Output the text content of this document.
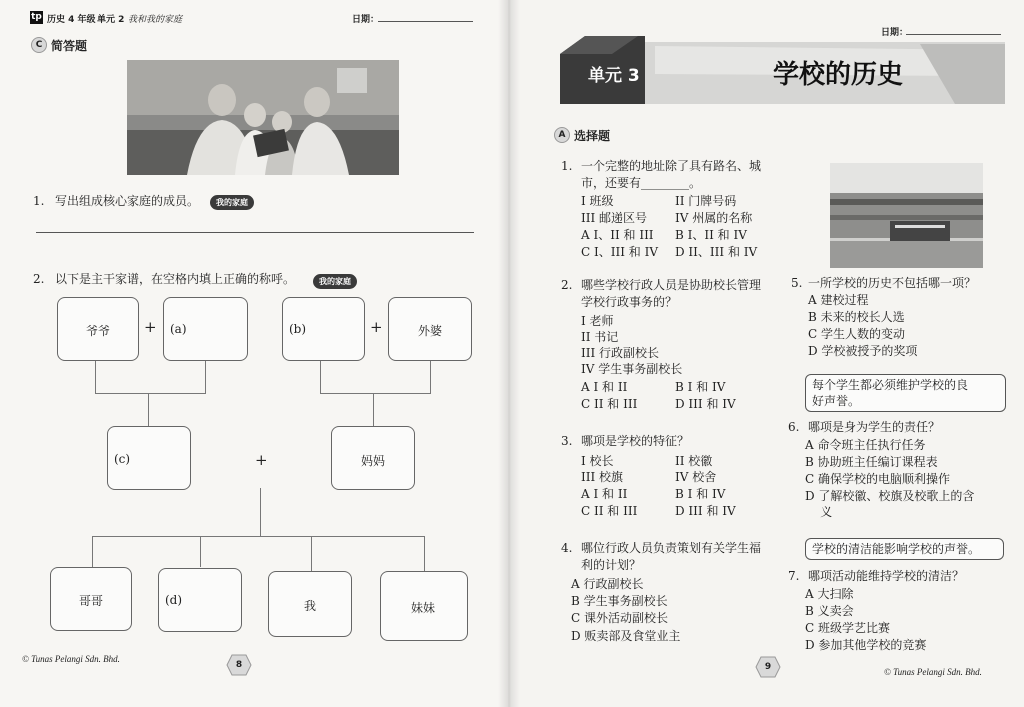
tp 历史 4 年级 单元 2 我和我的家庭	日期：
C 简答题
1. 写出组成核心家庭的成员。	我的家庭
2. 以下是主干家谱，在空格内填上正确的称呼。	我的家庭
爷爷 + (a)	(b)	+	外婆
(c)	+	妈妈
哥哥	(d)	我	妹妹
© Tunas Pelangi Sdn. Bhd.
8
日期：
单元 3	学校的历史
A 选择题
1. 一个完整的地址除了具有路名、城
市，还要有________。
I 班级	II 门牌号码
III 邮递区号 IV 州属的名称
A I、II 和 III B I、II 和 IV
C I、III 和 IV D II、III 和 IV
2. 哪些学校行政人员是协助校长管理
学校行政事务的？
I 老师
II 书记
III 行政副校长
IV 学生事务副校长
A I 和 II	B I 和 IV
C II 和 III	D III 和 IV
3. 哪项是学校的特征？
I 校长	II 校徽
III 校旗	IV 校舍
A I 和 II	B I 和 IV
C II 和 III	D III 和 IV
4. 哪位行政人员负责策划有关学生福
利的计划？
A 行政副校长
B 学生事务副校长
C 课外活动副校长
D 贩卖部及食堂业主
5. 一所学校的历史不包括哪一项？
A 建校过程
B 未来的校长人选
C 学生人数的变动
D 学校被授予的奖项
每个学生都必须维护学校的良
好声誉。
6. 哪项是身为学生的责任？
A 命令班主任执行任务
B 协助班主任编订课程表
C 确保学校的电脑顺利操作
D 了解校徽、校旗及校歌上的含
义
学校的清洁能影响学校的声誉。
7. 哪项活动能维持学校的清洁？
A 大扫除
B 义卖会
C 班级学艺比赛
D 参加其他学校的竞赛
9	© Tunas Pelangi Sdn. Bhd.
